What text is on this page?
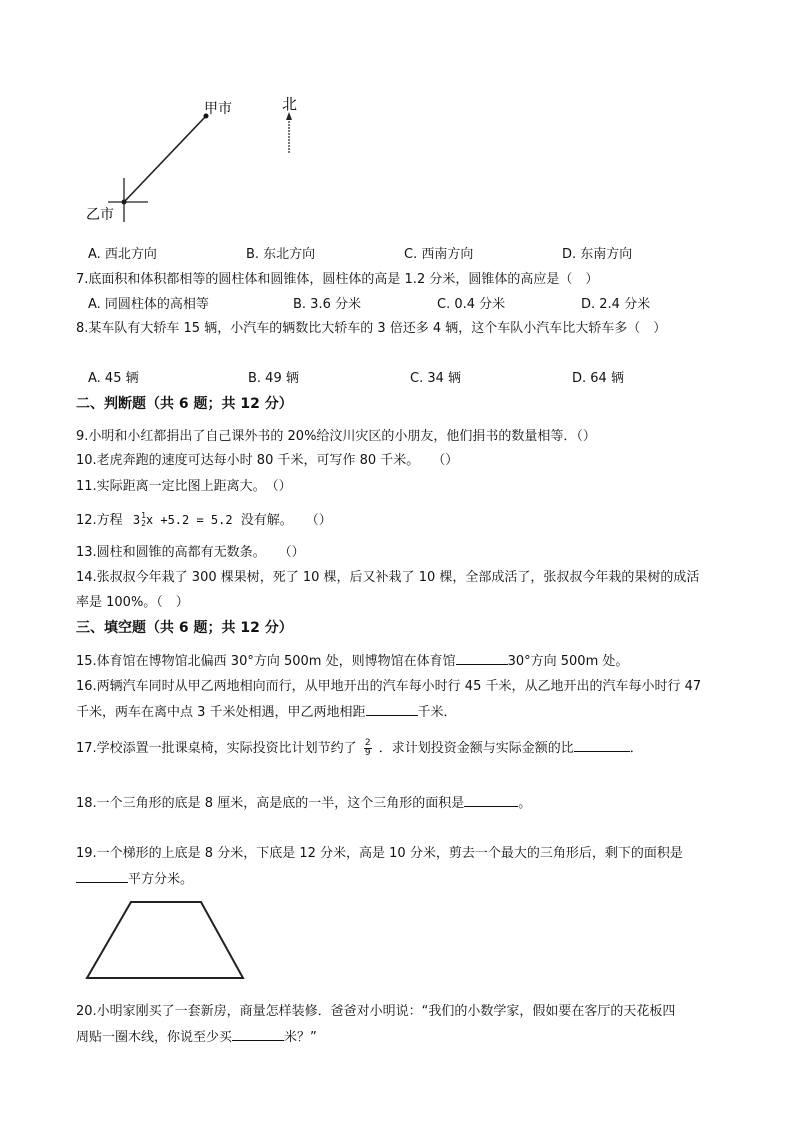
甲市	北
乙市
A. 西北方向	B. 东北方向	C. 西南方向	D. 东南方向
7.底面积和体积都相等的圆柱体和圆锥体，圆柱体的高是 1.2 分米，圆锥体的高应是（　）
A. 同圆柱体的高相等	B. 3.6 分米	C. 0.4 分米	D. 2.4 分米
8.某车队有大轿车 15 辆，小汽车的辆数比大轿车的 3 倍还多 4 辆，这个车队小汽车比大轿车多（　）
A. 45 辆	B. 49 辆	C. 34 辆	D. 64 辆
二、判断题（共 6 题；共 12 分）
9.小明和小红都捐出了自己课外书的 20%给汶川灾区的小朋友，他们捐书的数量相等．（）
10.老虎奔跑的速度可达每小时 80 千米，可写作 80 千米。　　（）
11.实际距离一定比图上距离大。　（）
12.方程 3 1
2 x +5.2 = 5.2 没有解。　　（）
13.圆柱和圆锥的高都有无数条。　　（）
14.张叔叔今年栽了 300 棵果树，死了 10 棵，后又补栽了 10 棵，全部成活了，张叔叔今年栽的果树的成活
率是 100%。（　）
三、填空题（共 6 题；共 12 分）
15.体育馆在博物馆北偏西 30°方向 500m 处，则博物馆在体育馆	30°方向 500m 处。
16.两辆汽车同时从甲乙两地相向而行，从甲地开出的汽车每小时行 45 千米，从乙地开出的汽车每小时行 47
千米，两车在离中点 3 千米处相遇，甲乙两地相距	千米．
17.学校添置一批课桌椅，实际投资比计划节约了 $\frac{2}{9}$ ．求计划投资金额与实际金额的比	．
18.一个三角形的底是 8 厘米，高是底的一半，这个三角形的面积是	。
19.一个梯形的上底是 8 分米，下底是 12 分米，高是 10 分米，剪去一个最大的三角形后，剩下的面积是
平方分米。
20.小明家刚买了一套新房，商量怎样装修．爸爸对小明说：“我们的小数学家，假如要在客厅的天花板四
周贴一圈木线，你说至少买	米？”
